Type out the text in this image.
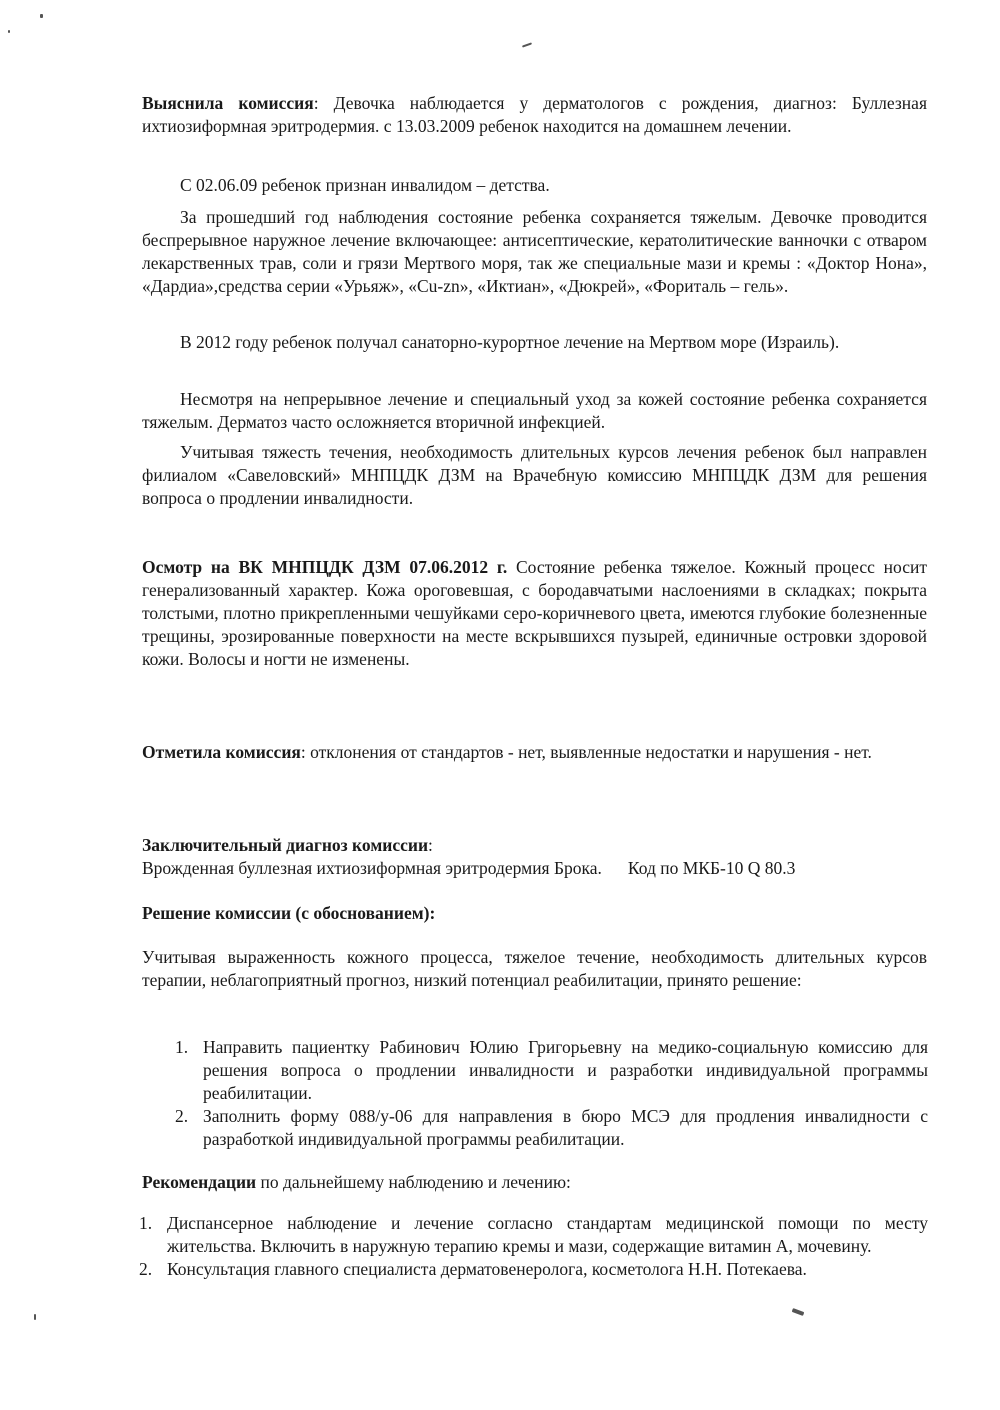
Выяснила комиссия: Девочка наблюдается у дерматологов с рождения, диагноз: Буллезная ихтиозиформная эритродермия. с 13.03.2009 ребенок находится на домашнем лечении.
С 02.06.09 ребенок признан инвалидом – детства.
За прошедший год наблюдения состояние ребенка сохраняется тяжелым. Девочке проводится беспрерывное наружное лечение включающее: антисептические, кератолитические ванночки с отваром лекарственных трав, соли и грязи Мертвого моря, так же специальные мази и кремы : «Доктор Нона», «Дардиа»,средства серии «Урьяж», «Cu-zn», «Иктиан», «Дюкрей», «Фориталь – гель».
В 2012 году ребенок получал санаторно-курортное лечение на Мертвом море (Израиль).
Несмотря на непрерывное лечение и специальный уход за кожей состояние ребенка сохраняется тяжелым. Дерматоз часто осложняется вторичной инфекцией.
Учитывая тяжесть течения, необходимость длительных курсов лечения ребенок был направлен филиалом «Савеловский» МНПЦДК ДЗМ на Врачебную комиссию МНПЦДК ДЗМ для решения вопроса о продлении инвалидности.
Осмотр на ВК МНПЦДК ДЗМ 07.06.2012 г. Состояние ребенка тяжелое. Кожный процесс носит генерализованный характер. Кожа ороговевшая, с бородавчатыми наслоениями в складках; покрыта толстыми, плотно прикрепленными чешуйками серо-коричневого цвета, имеются глубокие болезненные трещины, эрозированные поверхности на месте вскрывшихся пузырей, единичные островки здоровой кожи. Волосы и ногти не изменены.
Отметила комиссия: отклонения от стандартов - нет, выявленные недостатки и нарушения - нет.
Заключительный диагноз комиссии:
Врожденная буллезная ихтиозиформная эритродермия Брока. Код по МКБ-10 Q 80.3
Решение комиссии (с обоснованием):
Учитывая выраженность кожного процесса, тяжелое течение, необходимость длительных курсов терапии, неблагоприятный прогноз, низкий потенциал реабилитации, принято решение:
1. Направить пациентку Рабинович Юлию Григорьевну на медико-социальную комиссию для решения вопроса о продлении инвалидности и разработки индивидуальной программы реабилитации.
2. Заполнить форму 088/у-06 для направления в бюро МСЭ для продления инвалидности с разработкой индивидуальной программы реабилитации.
Рекомендации по дальнейшему наблюдению и лечению:
1. Диспансерное наблюдение и лечение согласно стандартам медицинской помощи по месту жительства. Включить в наружную терапию кремы и мази, содержащие витамин А, мочевину.
2. Консультация главного специалиста дерматовенеролога, косметолога Н.Н. Потекаева.
